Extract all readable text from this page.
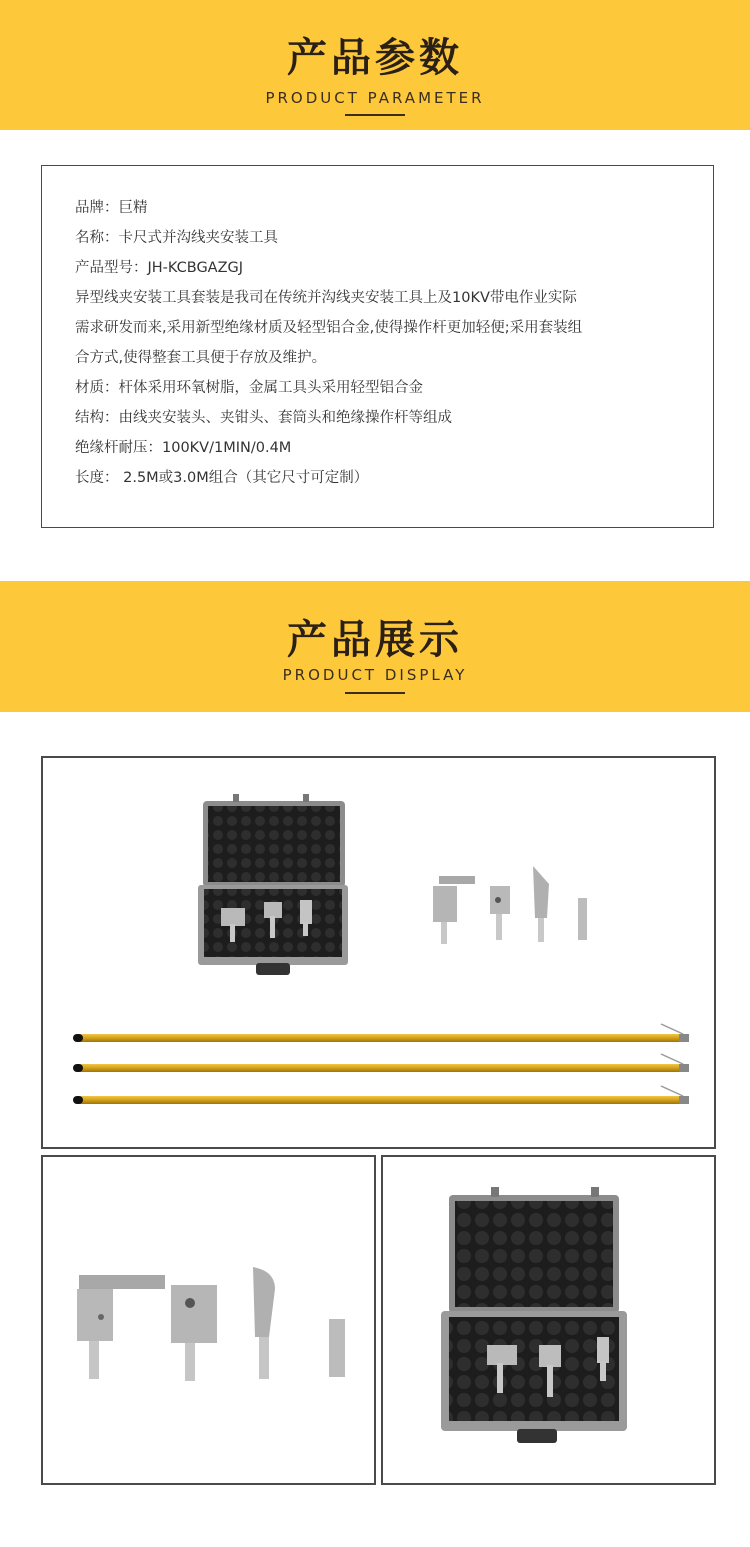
产品参数
PRODUCT PARAMETER
品牌：巨精
名称：卡尺式并沟线夹安装工具
产品型号：JH-KCBGAZGJ
异型线夹安装工具套装是我司在传统并沟线夹安装工具上及10KV带电作业实际
需求研发而来,采用新型绝缘材质及轻型铝合金,使得操作杆更加轻便;采用套装组
合方式,使得整套工具便于存放及维护。
材质：杆体采用环氧树脂，金属工具头采用轻型铝合金
结构：由线夹安装头、夹钳头、套筒头和绝缘操作杆等组成
绝缘杆耐压：100KV/1MIN/0.4M
长度： 2.5M或3.0M组合（其它尺寸可定制）
产品展示
PRODUCT DISPLAY
